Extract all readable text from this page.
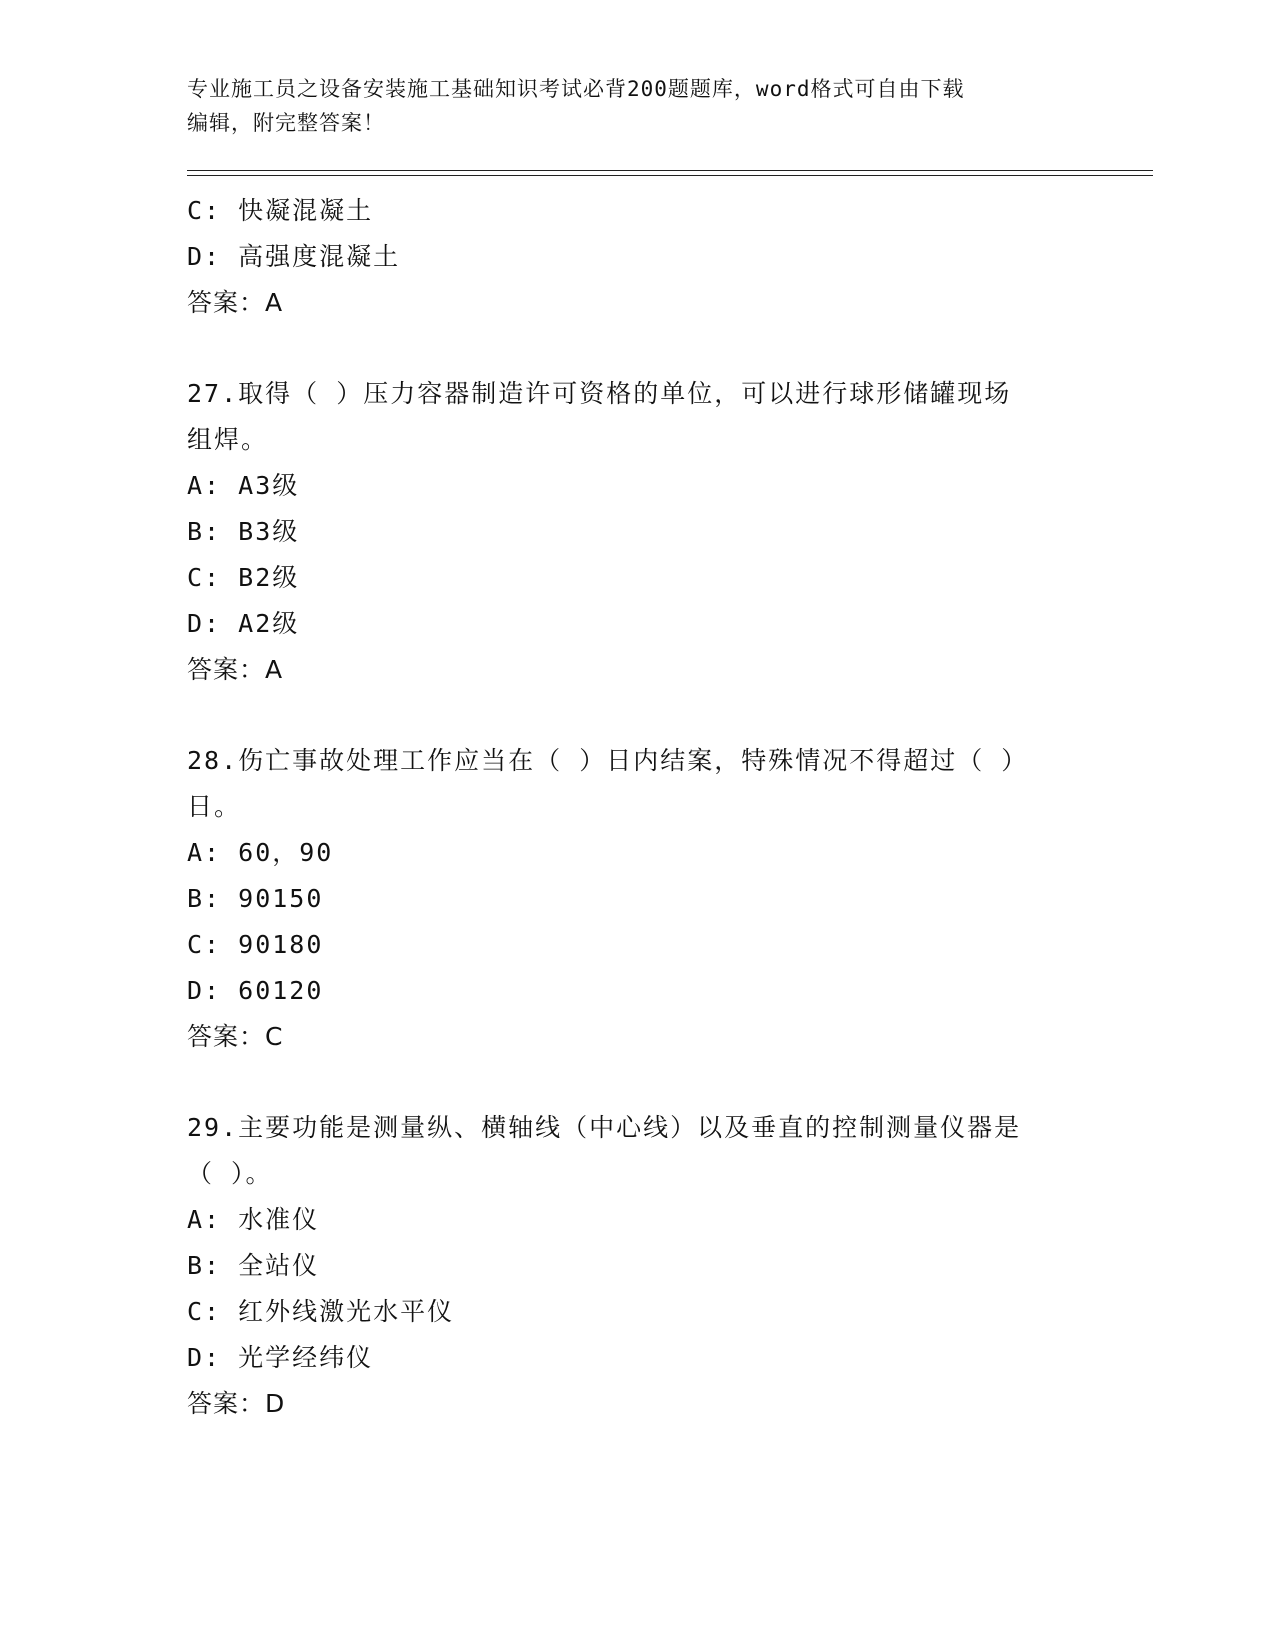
专业施工员之设备安装施工基础知识考试必背200题题库，word格式可自由下载
编辑，附完整答案！
C: 快凝混凝土
D: 高强度混凝土
答案：A
27.取得（ ）压力容器制造许可资格的单位，可以进行球形储罐现场
组焊。
A: A3级
B: B3级
C: B2级
D: A2级
答案：A
28.伤亡事故处理工作应当在（ ）日内结案，特殊情况不得超过（ ）
日。
A: 60，90
B: 90150
C: 90180
D: 60120
答案：C
29.主要功能是测量纵、横轴线（中心线）以及垂直的控制测量仪器是
（ ）。
A: 水准仪
B: 全站仪
C: 红外线激光水平仪
D: 光学经纬仪
答案：D
